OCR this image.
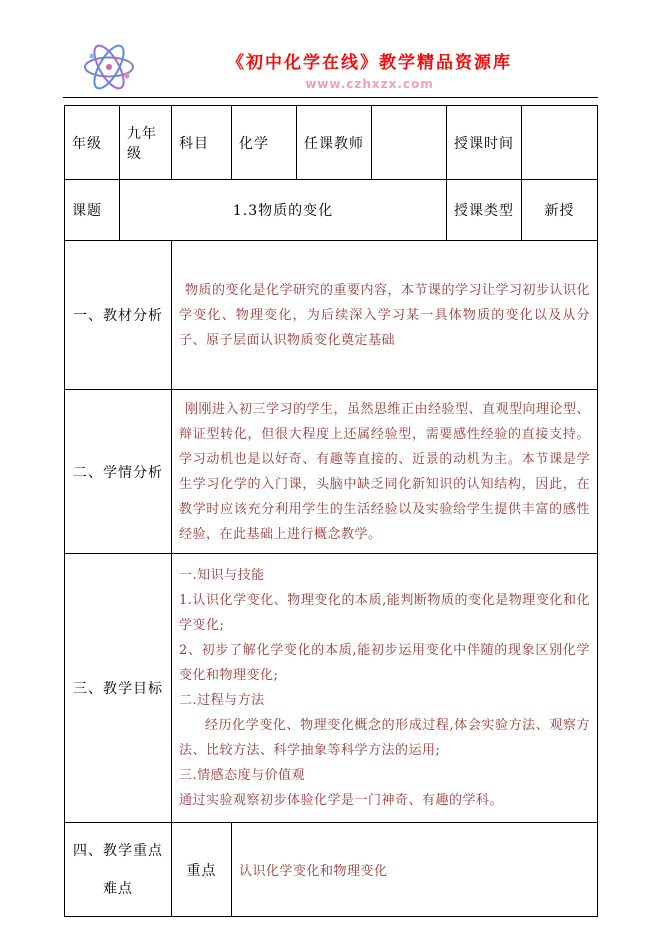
《初中化学在线》教学精品资源库
www.czhxzx.com
年级	九年级	科目	化学	任课教师		授课时间	
课题	1.3物质的变化					授课类型	新授
一、教材分析		物质的变化是化学研究的重要内容，本节课的学习让学习初步认识化学变化、物理变化，为后续深入学习某一具体物质的变化以及从分子、原子层面认识物质变化奠定基础					

二、学情分析		刚刚进入初三学习的学生，虽然思维正由经验型、直观型向理论型、辩证型转化，但很大程度上还属经验型，需要感性经验的直接支持。学习动机也是以好奇、有趣等直接的、近景的动机为主。本节课是学生学习化学的入门课，头脑中缺乏同化新知识的认知结构，因此，在教学时应该充分利用学生的生活经验以及实验给学生提供丰富的感性经验，在此基础上进行概念教学。					

三、教学目标	
一.知识与技能
1.认识化学变化、物理变化的本质,能判断物质的变化是物理变化和化学变化;
2、初步了解化学变化的本质,能初步运用变化中伴随的现象区别化学变化和物理变化;
二.过程与方法
经历化学变化、物理变化概念的形成过程,体会实验方法、观察方法、比较方法、科学抽象等科学方法的运用;
三.情感态度与价值观
通过实验观察初步体验化学是一门神奇、有趣的学科。

四、教学重点难点		重点	认识化学变化和物理变化				
